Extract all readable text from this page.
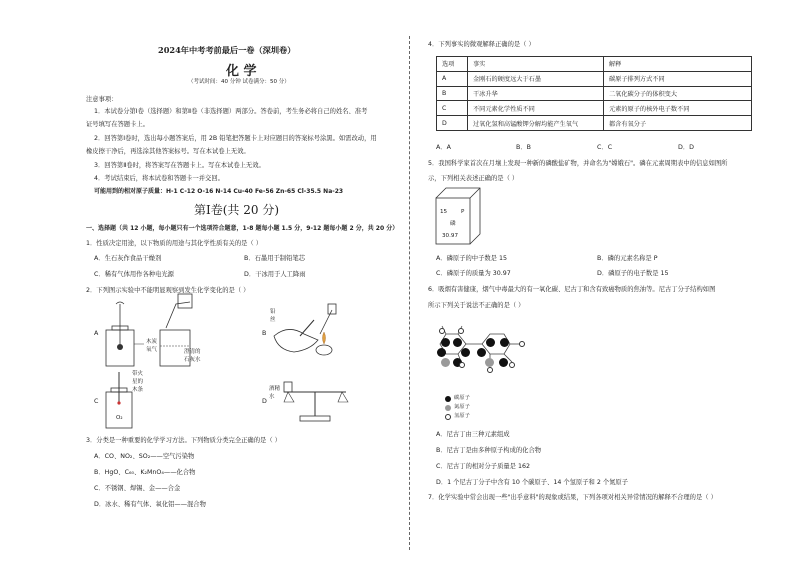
2024年中考考前最后一卷（深圳卷）
化 学
（考试时间：40 分钟 试卷满分：50 分）
注意事项：
1．本试卷分第Ⅰ卷（选择题）和第Ⅱ卷（非选择题）两部分。答卷前，考生务必将自己的姓名、准考
证号填写在答题卡上。
2．回答第Ⅰ卷时，选出每小题答案后，用 2B 铅笔把答题卡上对应题目的答案标号涂黑。如需改动，用
橡皮擦干净后，再选涂其他答案标号。写在本试卷上无效。
3．回答第Ⅱ卷时，将答案写在答题卡上。写在本试卷上无效。
4．考试结束后，将本试卷和答题卡一并交回。
可能用到的相对原子质量：H-1 C-12 O-16 N-14 Cu-40 Fe-56 Zn-65 Cl-35.5 Na-23
第Ⅰ卷(共 20 分)
一、选择题（共 12 小题，每小题只有一个选项符合题意，1-8 题每小题 1.5 分，9-12 题每小题 2 分，共 20 分）
1．性质决定用途，以下物质的用途与其化学性质有关的是（ ）
A．生石灰作食品干燥剂	B．石墨用于制铅笔芯
C．稀有气体用作各种电光源	D．干冰用于人工降雨
2．下列图示实验中不能明显观察到发生化学变化的是（ ）
A
木炭
氧气	澄清的
石灰水
C
带火
星的
木条
O₂
B
铅
丝
D
酒精
水
3．分类是一种重要的化学学习方法。下列物质分类完全正确的是（ ）
A．CO、NO₂、SO₂——空气污染物
B．HgO、C₆₀、K₂MnO₄——化合物
C．不锈钢、焊锡、金——合金
D．冰水、稀有气体、氧化铝——混合物
4．下列事实的微观解释正确的是（ ）
选项	事实	解释
A	金刚石的硬度远大于石墨	碳原子排列方式不同
B	干冰升华	二氧化碳分子的体积变大
C	不同元素化学性质不同	元素的原子的核外电子数不同
D	过氧化氢和高锰酸钾分解均能产生氧气	都含有氧分子
A．A	B．B	C．C	D．D
5．我国科学家首次在月壤上发现一种新的磷酸盐矿物，并命名为"嫦娥石"。磷在元素周期表中的信息如图所
示，下列相关表述正确的是（ ）
15 P
磷
30.97
A．磷原子的中子数是 15	B．磷的元素名称是 P
C．磷原子的质量为 30.97	D．磷原子的电子数是 15
6．吸烟有害健康，烟气中毒最大的有一氧化碳、尼古丁和含有致癌物质的焦油等。尼古丁分子结构如图
所示下列关于说法不正确的是（ ）
碳原子
氮原子
氢原子
A．尼古丁由三种元素组成
B．尼古丁是由多种原子构成的化合物
C．尼古丁的相对分子质量是 162
D．1 个尼古丁分子中含有 10 个碳原子、14 个氢原子和 2 个氮原子
7．化学实验中常会出现一些"出乎意料"的现象或结果，下列各项对相关异常情况的解释不合理的是（ ）
